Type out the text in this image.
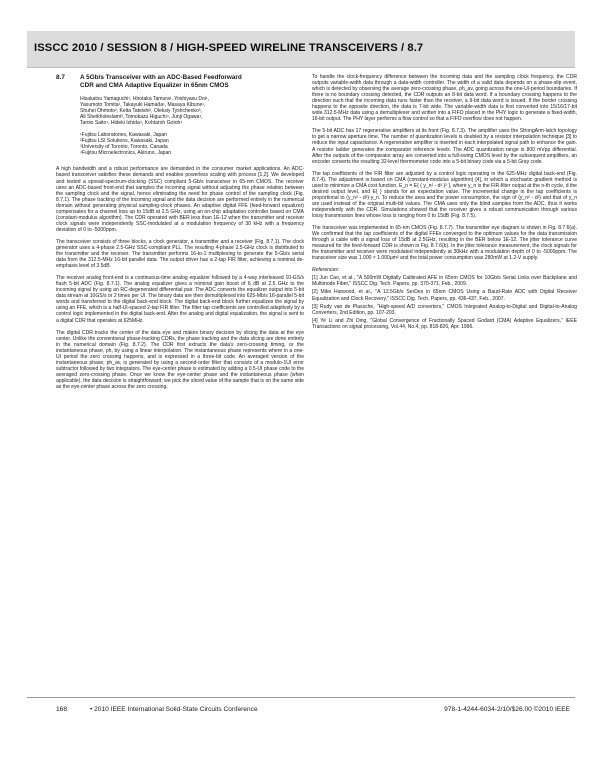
ISSCC 2010 / SESSION 8 / HIGH-SPEED WIRELINE TRANSCEIVERS / 8.7
8.7 A 5Gb/s Transceiver with an ADC-Based Feedforward
CDR and CMA Adaptive Equalizer in 65nm CMOS
Hisakatsu Yamaguchi¹, Hirotaka Tamura¹, Yoshiyasu Doi¹,
Yasumoto Tomita¹, Takayuki Hamada¹, Masaya Kibune¹,
Shuhei Ohmoto², Keita Tateishi², Oleksiy Tyshchenko³,
Ali Sheikholeslami³, Tomokazu Higuchi⁴, Junji Ogawa¹,
Tamio Saito¹, Hideki Ishida⁴, Kohtaroh Gotoh⁴
¹Fujitsu Laboratories, Kawasaki, Japan
²Fujitsu LSI Solutions, Kawasaki, Japan
³University of Toronto, Toronto, Canada
⁴Fujitsu Microelectronics, Akiruno, Japan

A high bandwidth and a robust performance are demanded in the consumer market applications. An ADC-based transceiver satisfies these demands and enables powerless scaling with process [1,2]. We developed and tested a spread-spectrum-clocking (SSC) compliant 5-Gb/s transceiver in 65-nm CMOS. The receiver uses an ADC-based front-end that samples the incoming signal without adjusting the phase relation between the sampling clock and the signal, hence eliminating the need for phase control of the sampling clock (Fig. 8.7.1). The phase tracking of the incoming signal and the data decision are performed entirely in the numerical domain without generating physical sampling-clock phases. An adaptive digital FFE (feed-forward equalizer) compensates for a channel loss up to 15dB at 2.5 GHz, using an on-chip adaptation controller based on CMA (constant-modulus algorithm). The CDR operated with BER less than 1E-12 when the transmitter and receiver clock signals were independently SSC-modulated at a modulation frequency of 30 kHz with a frequency deviation of 0 to -5000ppm.

The transceiver consists of three blocks, a clock generator, a transmitter and a receiver (Fig. 8.7.1). The clock generator uses a 4-phase 2.5-GHz SSC-compliant PLL. The resulting 4-phase 2.5-GHz clock is distributed to the transmitter and the receiver. The transmitter performs 16-to-1 multiplexing to generate the 5-Gb/s serial data from the 312.5-MHz 16-bit parallel data. The output driver has a 2-tap FIR filter, achieving a nominal de-emphasis level of 3.5dB.

The receiver analog front-end is a continuous-time analog equalizer followed by a 4-way interleaved 10-GS/s flash 5-bit ADC (Fig. 8.7.1). The analog equalizer gives a nominal gain boost of 6 dB at 2.5 GHz to the incoming signal by using an RC-degenerated differential pair. The ADC converts the equalizer output into 5-bit data stream at 10GS/s or 2 times per UI. The binary data are then demultiplexed into 625-Mb/s 16-parallel 5-bit words and transferred to the digital back-end block. The digital back-end block further equalizes the signal by using an FFE, which is a half-UI-spaced 2-tap FIR filter. The filter tap coefficients are controlled adaptively by a control logic implemented in the digital back-end. After the analog and digital equalization, the signal is sent to a digital CDR that operates at 625MHz.

The digital CDR tracks the center of the data eye and makes binary decision by slicing the data at the eye center. Unlike the conventional phase-tracking CDRs, the phase tracking and the data slicing are done entirely in the numerical domain (Fig. 8.7.2). The CDR first extracts the data's zero-crossing timing, or the instantaneous phase, ph, by using a linear interpolation. The instantaneous phase represents where in a one-UI period the zero crossing happens, and is expressed in a three-bit code. An averaged version of the instantaneous phase, ph_av, is generated by using a second-order filter that consists of a modulo-1UI error subtractor followed by two integrators. The eye-center phase is estimated by adding a 0.5-UI phase code to the averaged zero-crossing phase. Once we know the eye-center phase and the instantaneous phase (when applicable), the data decision is straightforward; we pick the sliced value of the sample that is on the same side as the eye-center phase across the zero crossing.

To handle the clock-frequency difference between the incoming data and the sampling clock frequency, the CDR outputs variable-width data through a data-width controller. The width of a valid data depends on a phase-slip event, which is detected by observing the average zero-crossing phase, ph_av, going across the one-UI-period boundaries. If there is no boundary crossing detected, the CDR outputs an 8-bit data word. If a boundary crossing happens to the direction such that the incoming data runs faster than the receiver, a 9-bit data word is issued. If the border crossing happens to the opposite direction, the data is 7-bit wide. The variable-width data is first converted into 15/16/17-bit wide 312.5-MHz data using a demultiplexer and written into a FIFO placed in the PHY logic to generate a fixed-width, 16-bit output. The PHY layer performs a flow control so that a FIFO overflow does not happen.

The 5-bit ADC has 17 regenerative amplifiers at its front (Fig. 8.7.3). The amplifier uses the StrongArm-latch topology to get a narrow aperture time. The number of quantization levels is doubled by a resistor interpolation technique [3] to reduce the input capacitance. A regenerative amplifier is inserted in each interpolated signal path to enhance the gain. A resistor ladder generates the comparator reference levels. The ADC quantization range is 800 mVpp differential. After the outputs of the comparator array are converted into a full-swing CMOS level by the subsequent amplifiers, an encoder converts the resulting 32-level thermometer code into a 5-bit binary code via a 5-bit Gray code.

The tap coefficients of the FIR filter are adjusted by a control logic operating in the 625-MHz digital back-end (Fig. 8.7.4). The adjustment is based on CMA (constant-modulus algorithm) [4], in which a stochastic gradient method is used to minimize a CMA cost function, E_n = E{ ( y_n² - d² )² }, where y_n is the FIR-filter output at the n-th cycle, d the desired output level, and E{ } stands for an expectation value. The incremental change in the tap coefficients is proportional to (y_n² - d²)·y_n. To reduce the area and the power consumption, the sign of (y_n² - d²) and that of y_n are used instead of the original multi-bit values. The CMA uses only the blind samples from the ADC, thus it works independently with the CDR. Simulations showed that the receiver gives a robust communication through various lossy transmission lines whose loss is ranging from 0 to 15dB (Fig. 8.7.5).

The transceiver was implemented in 65-nm CMOS (Fig. 8.7.7). The transmitter eye diagram is shown in Fig. 8.7.6(a). We confirmed that the tap coefficients of the digital FFEs converged to the optimum values for the data transmission through a cable with a signal loss of 15dB at 2.5GHz, resulting in the BER below 1E-12. The jitter tolerance curve measured for the feed-forward CDR is shown in Fig. 8.7.6(b). In the jitter tolerance measurement, the clock signals for the transmitter and receiver were modulated independently at 30kHz with a modulation depth of 0 to -5000ppm. The transceiver size was 1.000 × 1.000µm² and the total power consumption was 280mW at 1.2-V supply.

References:
[1] Jun Cao, et al., "A 500mW Digitally Calibrated AFE in 65nm CMOS for 10Gb/s Serial Links over Backplane and Multimode Fiber," ISSCC Dig. Tech. Papers, pp. 370-371, Feb., 2009.
[2] Mike Harwood, et al., "A 12.5Gb/s SerDes in 65nm CMOS Using a Baud-Rate ADC with Digital Receiver Equalization and Clock Recovery," ISSCC Dig. Tech. Papers, pp. 436-437, Feb., 2007.
[3] Rudy van de Plassche, "High-speed A/D converters," CMOS Integrated Analog-to-Digital and Digital-to-Analog Converters, 2nd Edition, pp. 107-203.
[4] Ye Li and Zhi Ding, "Global Convergence of Fractionally Spaced Godard (CMA) Adaptive Equalizers," IEEE Transactions on signal processing, Vol.44, No.4, pp. 818-826, Apr. 1996.
168	• 2010 IEEE International Solid-State Circuits Conference	978-1-4244-6034-2/10/$26.00 ©2010 IEEE
